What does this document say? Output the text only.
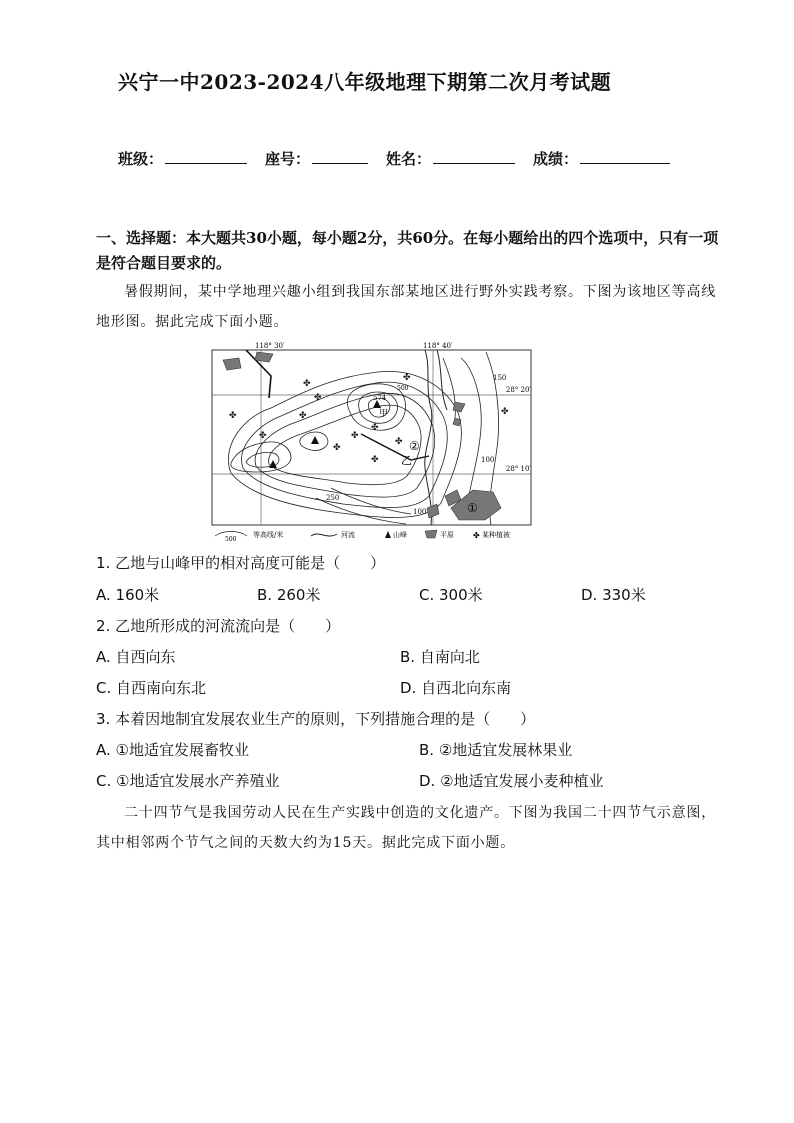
兴宁一中2023-2024八年级地理下期第二次月考试题
班级：	座号：	姓名：	成绩：
一、选择题：本大题共30小题，每小题2分，共60分。在每小题给出的四个选项中，只有一项是符合题目要求的。
暑假期间，某中学地理兴趣小组到我国东部某地区进行野外实践考察。下图为该地区等高线地形图。据此完成下面小题。
118° 30′	118° 40′
28° 20′
28° 10′
✤
✤
✤
✤
✤
✤
✤
✤
✤
✤
✤
✤
574
甲
乙
500
250
150
100
100
②
①
500
等高线/米	河流	山峰	平原 ✤ 某种植被
1. 乙地与山峰甲的相对高度可能是（　　）
A. 160米	B. 260米	C. 300米	D. 330米
2. 乙地所形成的河流流向是（　　）
A. 自西向东	B. 自南向北
C. 自西南向东北	D. 自西北向东南
3. 本着因地制宜发展农业生产的原则，下列措施合理的是（　　）
A. ①地适宜发展畜牧业	B. ②地适宜发展林果业
C. ①地适宜发展水产养殖业	D. ②地适宜发展小麦种植业
二十四节气是我国劳动人民在生产实践中创造的文化遗产。下图为我国二十四节气示意图，其中相邻两个节气之间的天数大约为15天。据此完成下面小题。
